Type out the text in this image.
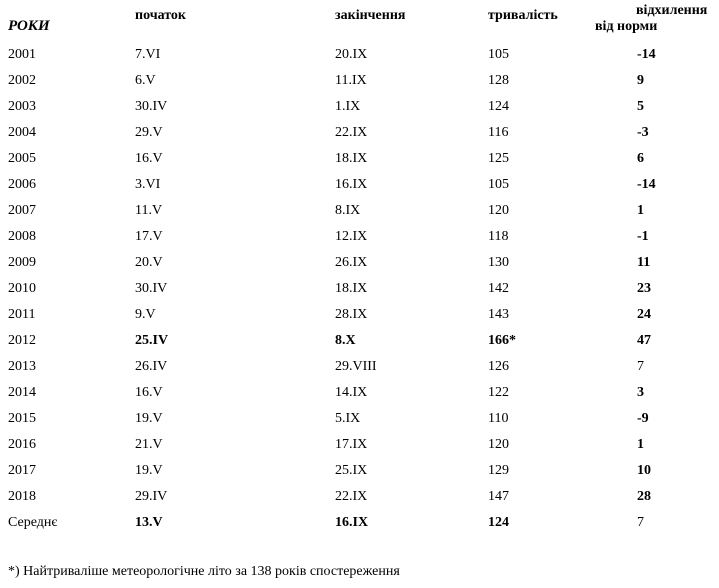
РОКИ
початок	закінчення	тривалість	відхилення
від норми
2001	7.VI	20.IX	105	-14
2002	6.V	11.IX	128	9
2003	30.IV	1.IX	124	5
2004	29.V	22.IX	116	-3
2005	16.V	18.IX	125	6
2006	3.VI	16.IX	105	-14
2007	11.V	8.IX	120	1
2008	17.V	12.IX	118	-1
2009	20.V	26.IX	130	11
2010	30.IV	18.IX	142	23
2011	9.V	28.IX	143	24
2012	25.IV	8.X	166*	47
2013	26.IV	29.VIII	126	7
2014	16.V	14.IX	122	3
2015	19.V	5.IX	110	-9
2016	21.V	17.IX	120	1
2017	19.V	25.IX	129	10
2018	29.IV	22.IX	147	28
Середнє	13.V	16.IX	124	7
*) Найтриваліше метеорологічне літо за 138 років спостереження
